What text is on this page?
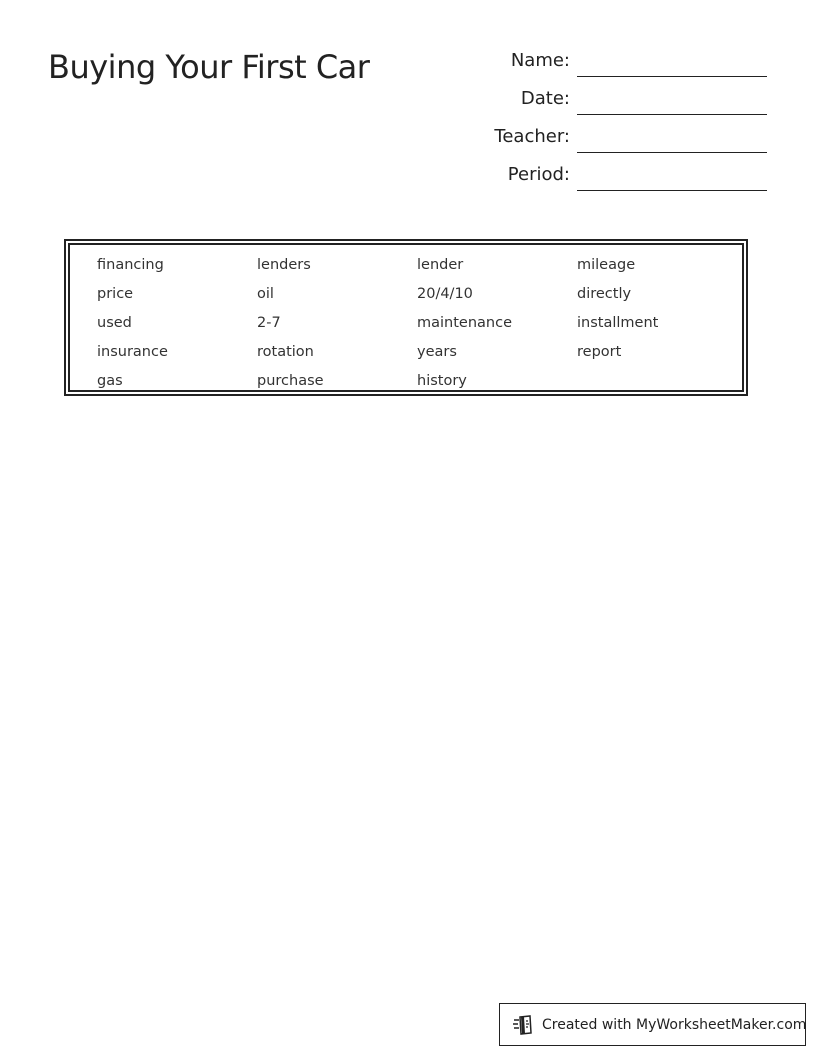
Buying Your First Car	Name:
Date:
Teacher:
Period:
financing	lenders	lender	mileage
price	oil	20/4/10	directly
used	2-7	maintenance	installment
insurance	rotation	years	report
gas	purchase	history
Created with MyWorksheetMaker.com
